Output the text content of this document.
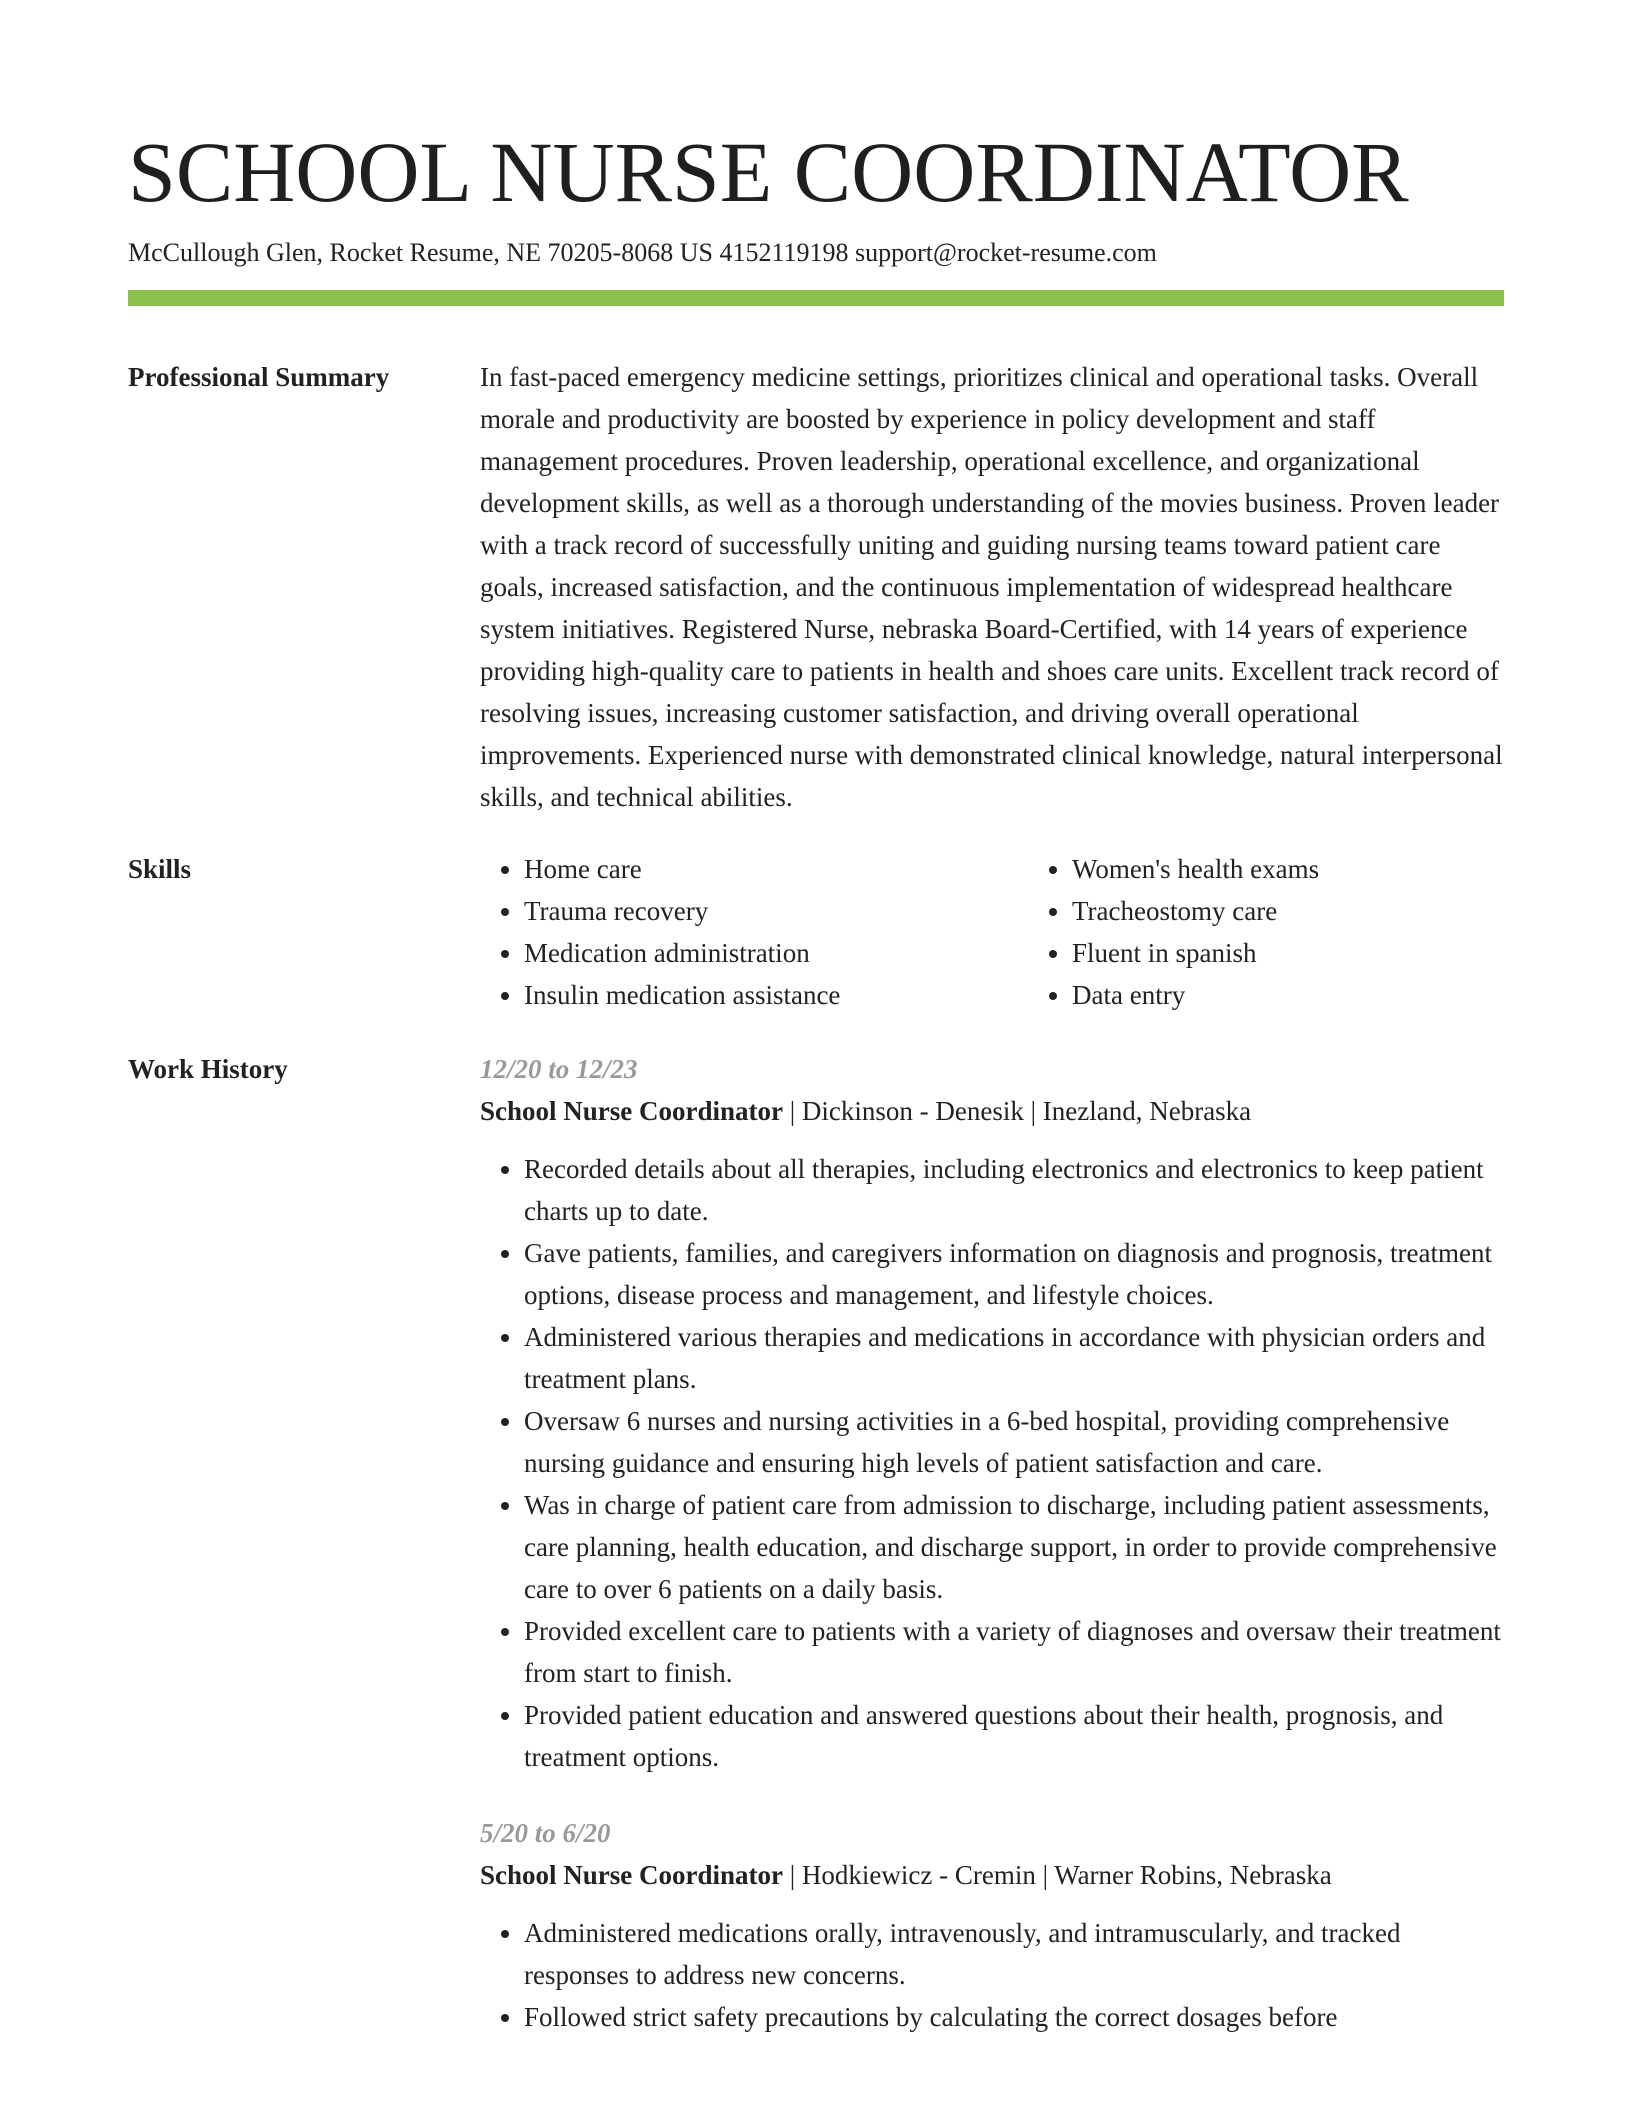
SCHOOL NURSE COORDINATOR
McCullough Glen, Rocket Resume, NE 70205-8068 US 4152119198 support@rocket-resume.com
Professional Summary	In fast-paced emergency medicine settings, prioritizes clinical and operational tasks. Overall morale and productivity are boosted by experience in policy development and staff management procedures. Proven leadership, operational excellence, and organizational development skills, as well as a thorough understanding of the movies business. Proven leader with a track record of successfully uniting and guiding nursing teams toward patient care goals, increased satisfaction, and the continuous implementation of widespread healthcare system initiatives. Registered Nurse, nebraska Board-Certified, with 14 years of experience providing high-quality care to patients in health and shoes care units. Excellent track record of resolving issues, increasing customer satisfaction, and driving overall operational improvements. Experienced nurse with demonstrated clinical knowledge, natural interpersonal skills, and technical abilities.
Skills
•	Home care
• Trauma recovery
• Medication administration
• Insulin medication assistance
• Women's health exams
• Tracheostomy care
• Fluent in spanish
• Data entry
Work History	12/20 to 12/23
School Nurse Coordinator | Dickinson - Denesik | Inezland, Nebraska
• Recorded details about all therapies, including electronics and electronics to keep patient charts up to date.
• Gave patients, families, and caregivers information on diagnosis and prognosis, treatment options, disease process and management, and lifestyle choices.
• Administered various therapies and medications in accordance with physician orders and treatment plans.
• Oversaw 6 nurses and nursing activities in a 6-bed hospital, providing comprehensive nursing guidance and ensuring high levels of patient satisfaction and care.
• Was in charge of patient care from admission to discharge, including patient assessments, care planning, health education, and discharge support, in order to provide comprehensive care to over 6 patients on a daily basis.
• Provided excellent care to patients with a variety of diagnoses and oversaw their treatment from start to finish.
• Provided patient education and answered questions about their health, prognosis, and treatment options.
5/20 to 6/20
School Nurse Coordinator | Hodkiewicz - Cremin | Warner Robins, Nebraska
• Administered medications orally, intravenously, and intramuscularly, and tracked responses to address new concerns.
• Followed strict safety precautions by calculating the correct dosages before
